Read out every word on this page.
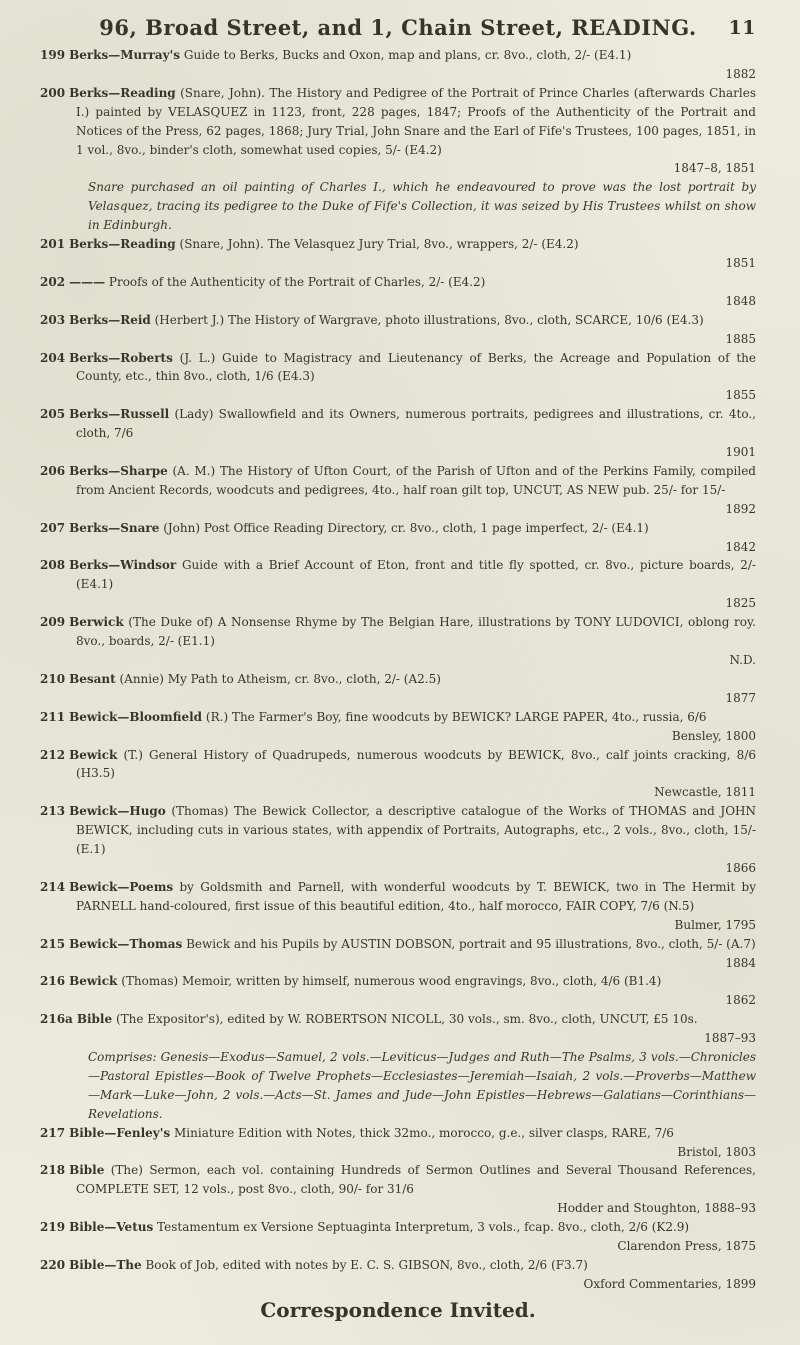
96, Broad Street, and 1, Chain Street, READING. 11
199 Berks—Murray's Guide to Berks, Bucks and Oxon, map and plans, cr. 8vo., cloth, 2/- (E4.1)
1882
200 Berks—Reading (Snare, John). The History and Pedigree of the Portrait of Prince Charles (afterwards Charles I.) painted by VELASQUEZ in 1123, front, 228 pages, 1847; Proofs of the Authenticity of the Portrait and Notices of the Press, 62 pages, 1868; Jury Trial, John Snare and the Earl of Fife's Trustees, 100 pages, 1851, in 1 vol., 8vo., binder's cloth, somewhat used copies, 5/- (E4.2)
1847–8, 1851
Snare purchased an oil painting of Charles I., which he endeavoured to prove was the lost portrait by Velasquez, tracing its pedigree to the Duke of Fife's Collection, it was seized by His Trustees whilst on show in Edinburgh.
201 Berks—Reading (Snare, John). The Velasquez Jury Trial, 8vo., wrappers, 2/- (E4.2)
1851
202 ——— Proofs of the Authenticity of the Portrait of Charles, 2/- (E4.2)
1848
203 Berks—Reid (Herbert J.) The History of Wargrave, photo illustrations, 8vo., cloth, SCARCE, 10/6 (E4.3)
1885
204 Berks—Roberts (J. L.) Guide to Magistracy and Lieutenancy of Berks, the Acreage and Population of the County, etc., thin 8vo., cloth, 1/6 (E4.3)
1855
205 Berks—Russell (Lady) Swallowfield and its Owners, numerous portraits, pedigrees and illustrations, cr. 4to., cloth, 7/6
1901
206 Berks—Sharpe (A. M.) The History of Ufton Court, of the Parish of Ufton and of the Perkins Family, compiled from Ancient Records, woodcuts and pedigrees, 4to., half roan gilt top, UNCUT, AS NEW pub. 25/- for 15/-
1892
207 Berks—Snare (John) Post Office Reading Directory, cr. 8vo., cloth, 1 page imperfect, 2/- (E4.1)
1842
208 Berks—Windsor Guide with a Brief Account of Eton, front and title fly spotted, cr. 8vo., picture boards, 2/- (E4.1)
1825
209 Berwick (The Duke of) A Nonsense Rhyme by The Belgian Hare, illustrations by TONY LUDOVICI, oblong roy. 8vo., boards, 2/- (E1.1)
N.D.
210 Besant (Annie) My Path to Atheism, cr. 8vo., cloth, 2/- (A2.5)
1877
211 Bewick—Bloomfield (R.) The Farmer's Boy, fine woodcuts by BEWICK? LARGE PAPER, 4to., russia, 6/6
Bensley, 1800
212 Bewick (T.) General History of Quadrupeds, numerous woodcuts by BEWICK, 8vo., calf joints cracking, 8/6 (H3.5)
Newcastle, 1811
213 Bewick—Hugo (Thomas) The Bewick Collector, a descriptive catalogue of the Works of THOMAS and JOHN BEWICK, including cuts in various states, with appendix of Portraits, Autographs, etc., 2 vols., 8vo., cloth, 15/- (E.1)
1866
214 Bewick—Poems by Goldsmith and Parnell, with wonderful woodcuts by T. BEWICK, two in The Hermit by PARNELL hand-coloured, first issue of this beautiful edition, 4to., half morocco, FAIR COPY, 7/6 (N.5)
Bulmer, 1795
215 Bewick—Thomas Bewick and his Pupils by AUSTIN DOBSON, portrait and 95 illustrations, 8vo., cloth, 5/- (A.7)
1884
216 Bewick (Thomas) Memoir, written by himself, numerous wood engravings, 8vo., cloth, 4/6 (B1.4)
1862
216a Bible (The Expositor's), edited by W. ROBERTSON NICOLL, 30 vols., sm. 8vo., cloth, UNCUT, £5 10s.
1887–93
Comprises: Genesis—Exodus—Samuel, 2 vols.—Leviticus—Judges and Ruth—The Psalms, 3 vols.—Chronicles—Pastoral Epistles—Book of Twelve Prophets—Ecclesiastes—Jeremiah—Isaiah, 2 vols.—Proverbs—Matthew—Mark—Luke—John, 2 vols.—Acts—St. James and Jude—John Epistles—Hebrews—Galatians—Corinthians—Revelations.
217 Bible—Fenley's Miniature Edition with Notes, thick 32mo., morocco, g.e., silver clasps, RARE, 7/6
Bristol, 1803
218 Bible (The) Sermon, each vol. containing Hundreds of Sermon Outlines and Several Thousand References, COMPLETE SET, 12 vols., post 8vo., cloth, 90/- for 31/6
Hodder and Stoughton, 1888–93
219 Bible—Vetus Testamentum ex Versione Septuaginta Interpretum, 3 vols., fcap. 8vo., cloth, 2/6 (K2.9)
Clarendon Press, 1875
220 Bible—The Book of Job, edited with notes by E. C. S. GIBSON, 8vo., cloth, 2/6 (F3.7)
Oxford Commentaries, 1899
Correspondence Invited.
